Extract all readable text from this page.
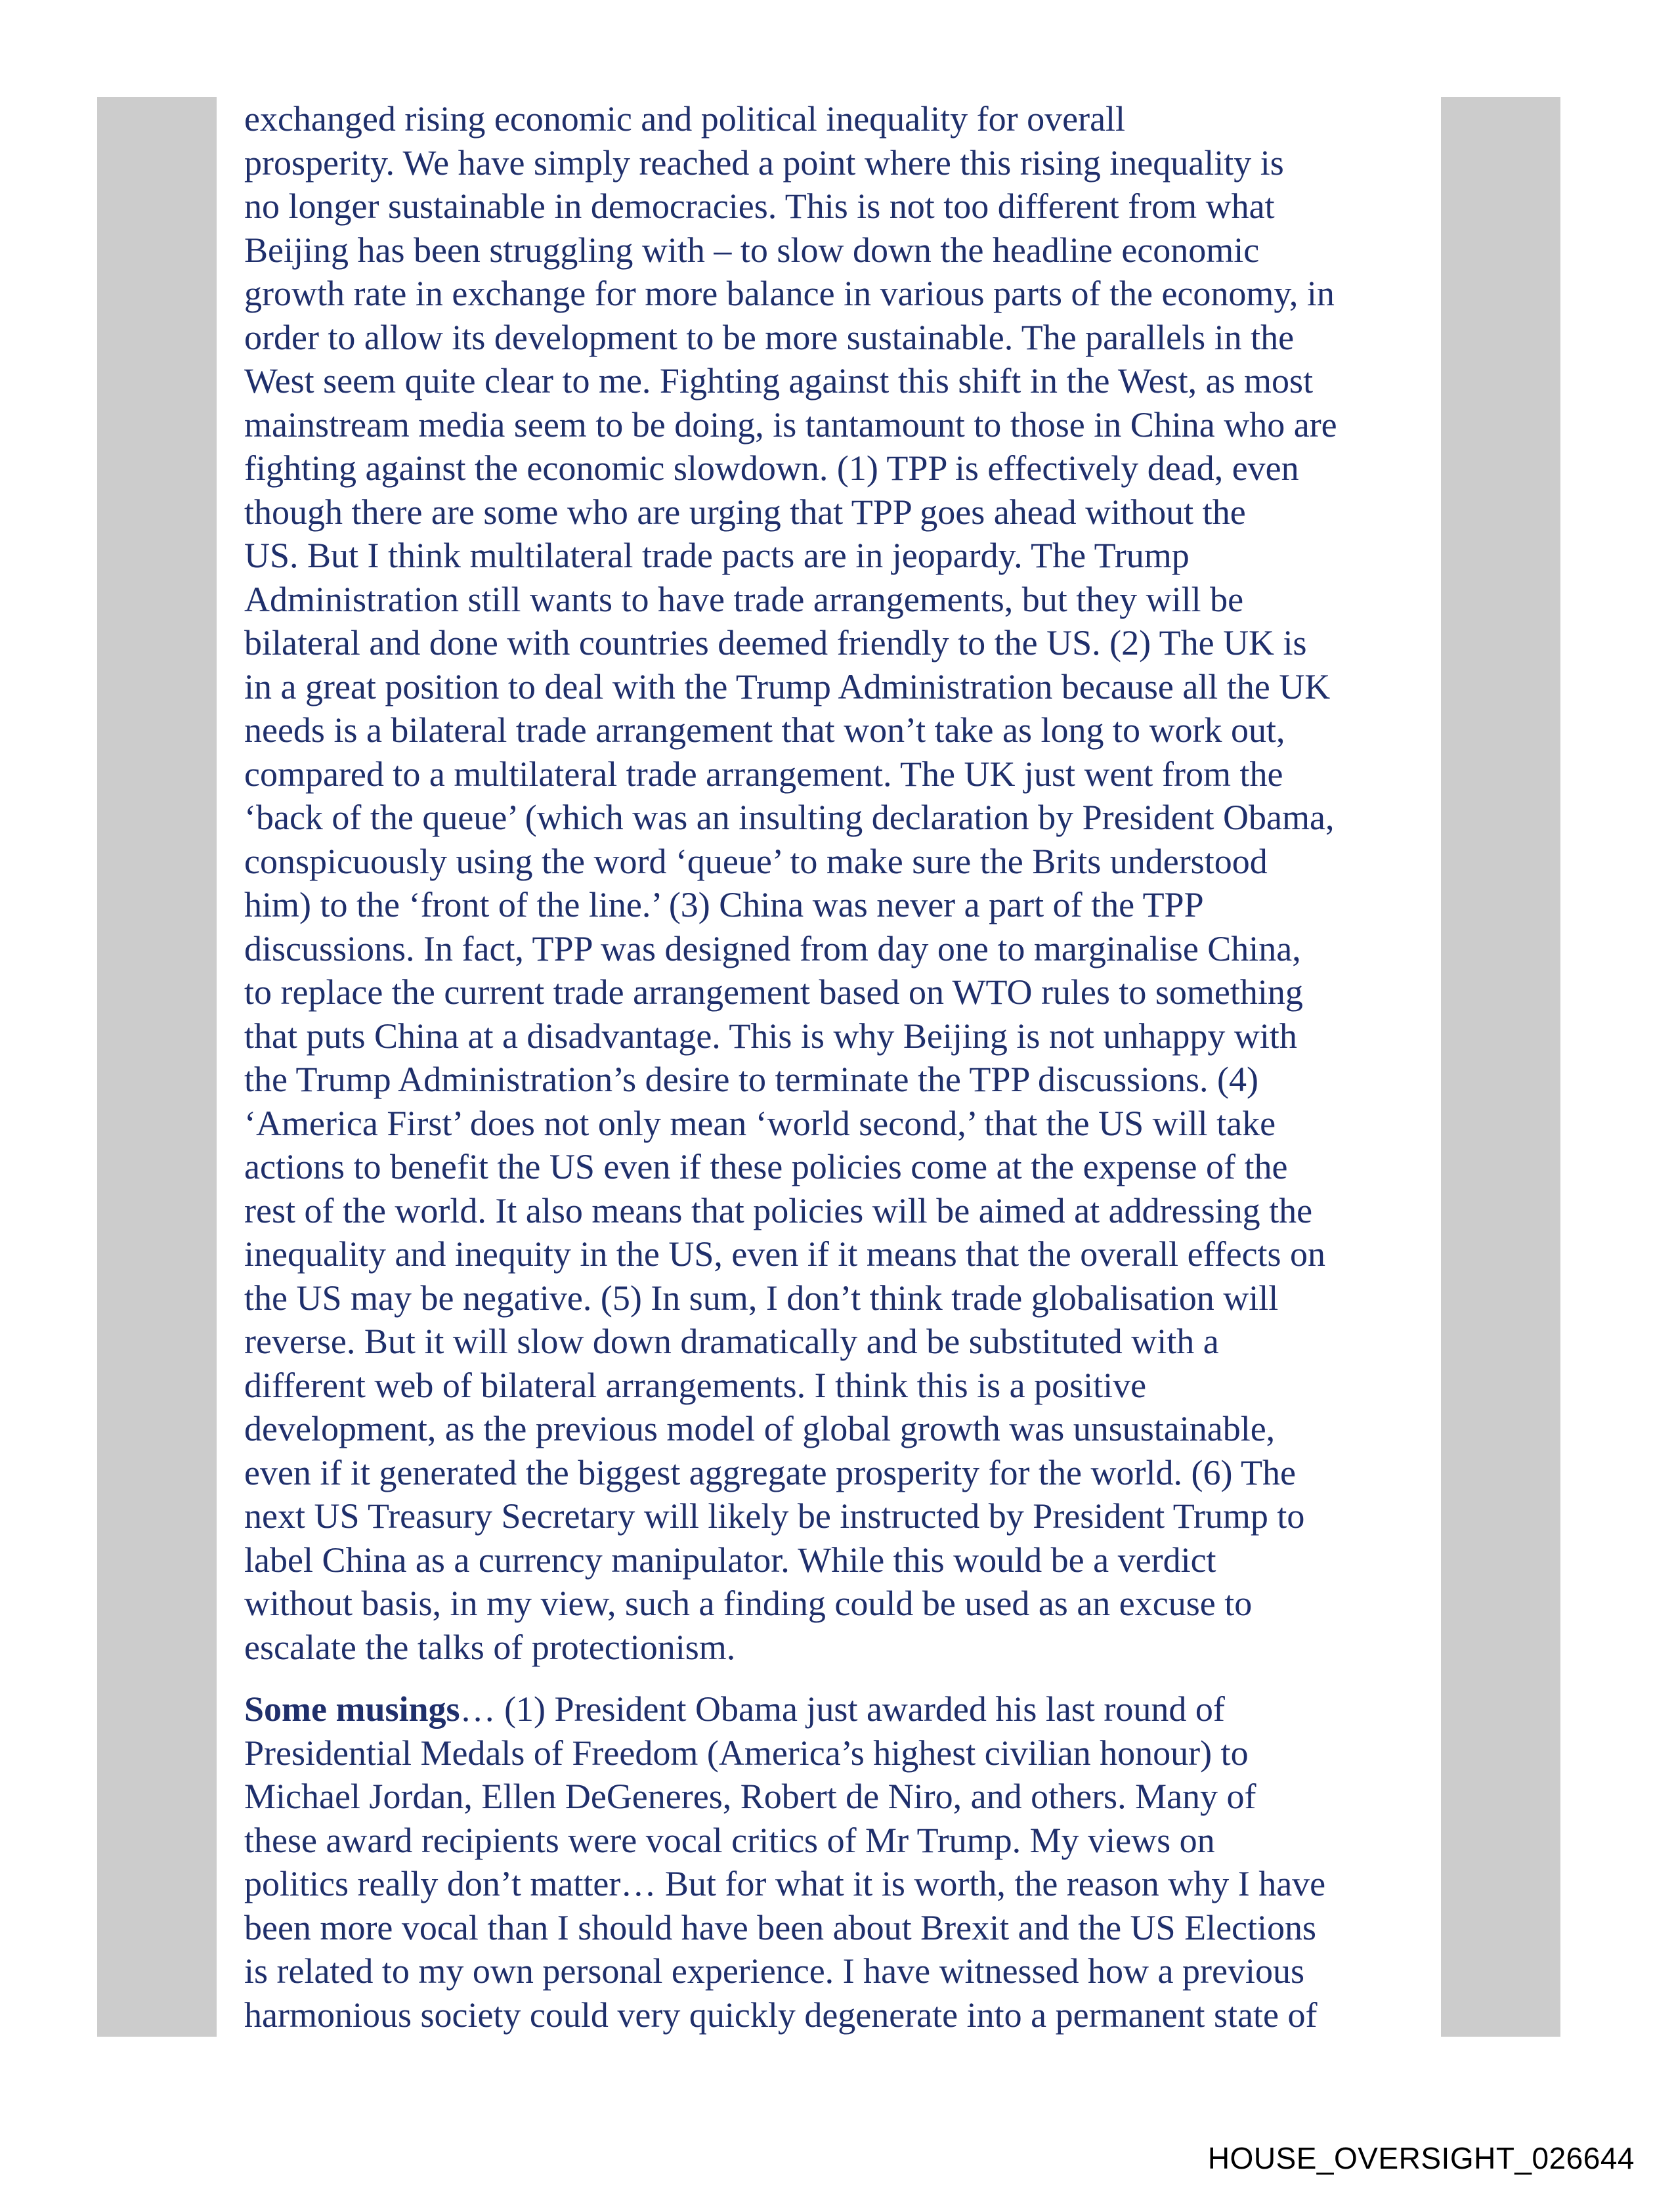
exchanged rising economic and political inequality for overall
prosperity. We have simply reached a point where this rising inequality is
no longer sustainable in democracies. This is not too different from what
Beijing has been struggling with – to slow down the headline economic
growth rate in exchange for more balance in various parts of the economy, in
order to allow its development to be more sustainable. The parallels in the
West seem quite clear to me. Fighting against this shift in the West, as most
mainstream media seem to be doing, is tantamount to those in China who are
fighting against the economic slowdown. (1) TPP is effectively dead, even
though there are some who are urging that TPP goes ahead without the
US. But I think multilateral trade pacts are in jeopardy. The Trump
Administration still wants to have trade arrangements, but they will be
bilateral and done with countries deemed friendly to the US. (2) The UK is
in a great position to deal with the Trump Administration because all the UK
needs is a bilateral trade arrangement that won’t take as long to work out,
compared to a multilateral trade arrangement. The UK just went from the
‘back of the queue’ (which was an insulting declaration by President Obama,
conspicuously using the word ‘queue’ to make sure the Brits understood
him) to the ‘front of the line.’ (3) China was never a part of the TPP
discussions. In fact, TPP was designed from day one to marginalise China,
to replace the current trade arrangement based on WTO rules to something
that puts China at a disadvantage. This is why Beijing is not unhappy with
the Trump Administration’s desire to terminate the TPP discussions. (4)
‘America First’ does not only mean ‘world second,’ that the US will take
actions to benefit the US even if these policies come at the expense of the
rest of the world. It also means that policies will be aimed at addressing the
inequality and inequity in the US, even if it means that the overall effects on
the US may be negative. (5) In sum, I don’t think trade globalisation will
reverse. But it will slow down dramatically and be substituted with a
different web of bilateral arrangements. I think this is a positive
development, as the previous model of global growth was unsustainable,
even if it generated the biggest aggregate prosperity for the world. (6) The
next US Treasury Secretary will likely be instructed by President Trump to
label China as a currency manipulator. While this would be a verdict
without basis, in my view, such a finding could be used as an excuse to
escalate the talks of protectionism.
Some musings… (1) President Obama just awarded his last round of
Presidential Medals of Freedom (America’s highest civilian honour) to
Michael Jordan, Ellen DeGeneres, Robert de Niro, and others. Many of
these award recipients were vocal critics of Mr Trump. My views on
politics really don’t matter… But for what it is worth, the reason why I have
been more vocal than I should have been about Brexit and the US Elections
is related to my own personal experience. I have witnessed how a previous
harmonious society could very quickly degenerate into a permanent state of
HOUSE_OVERSIGHT_026644
